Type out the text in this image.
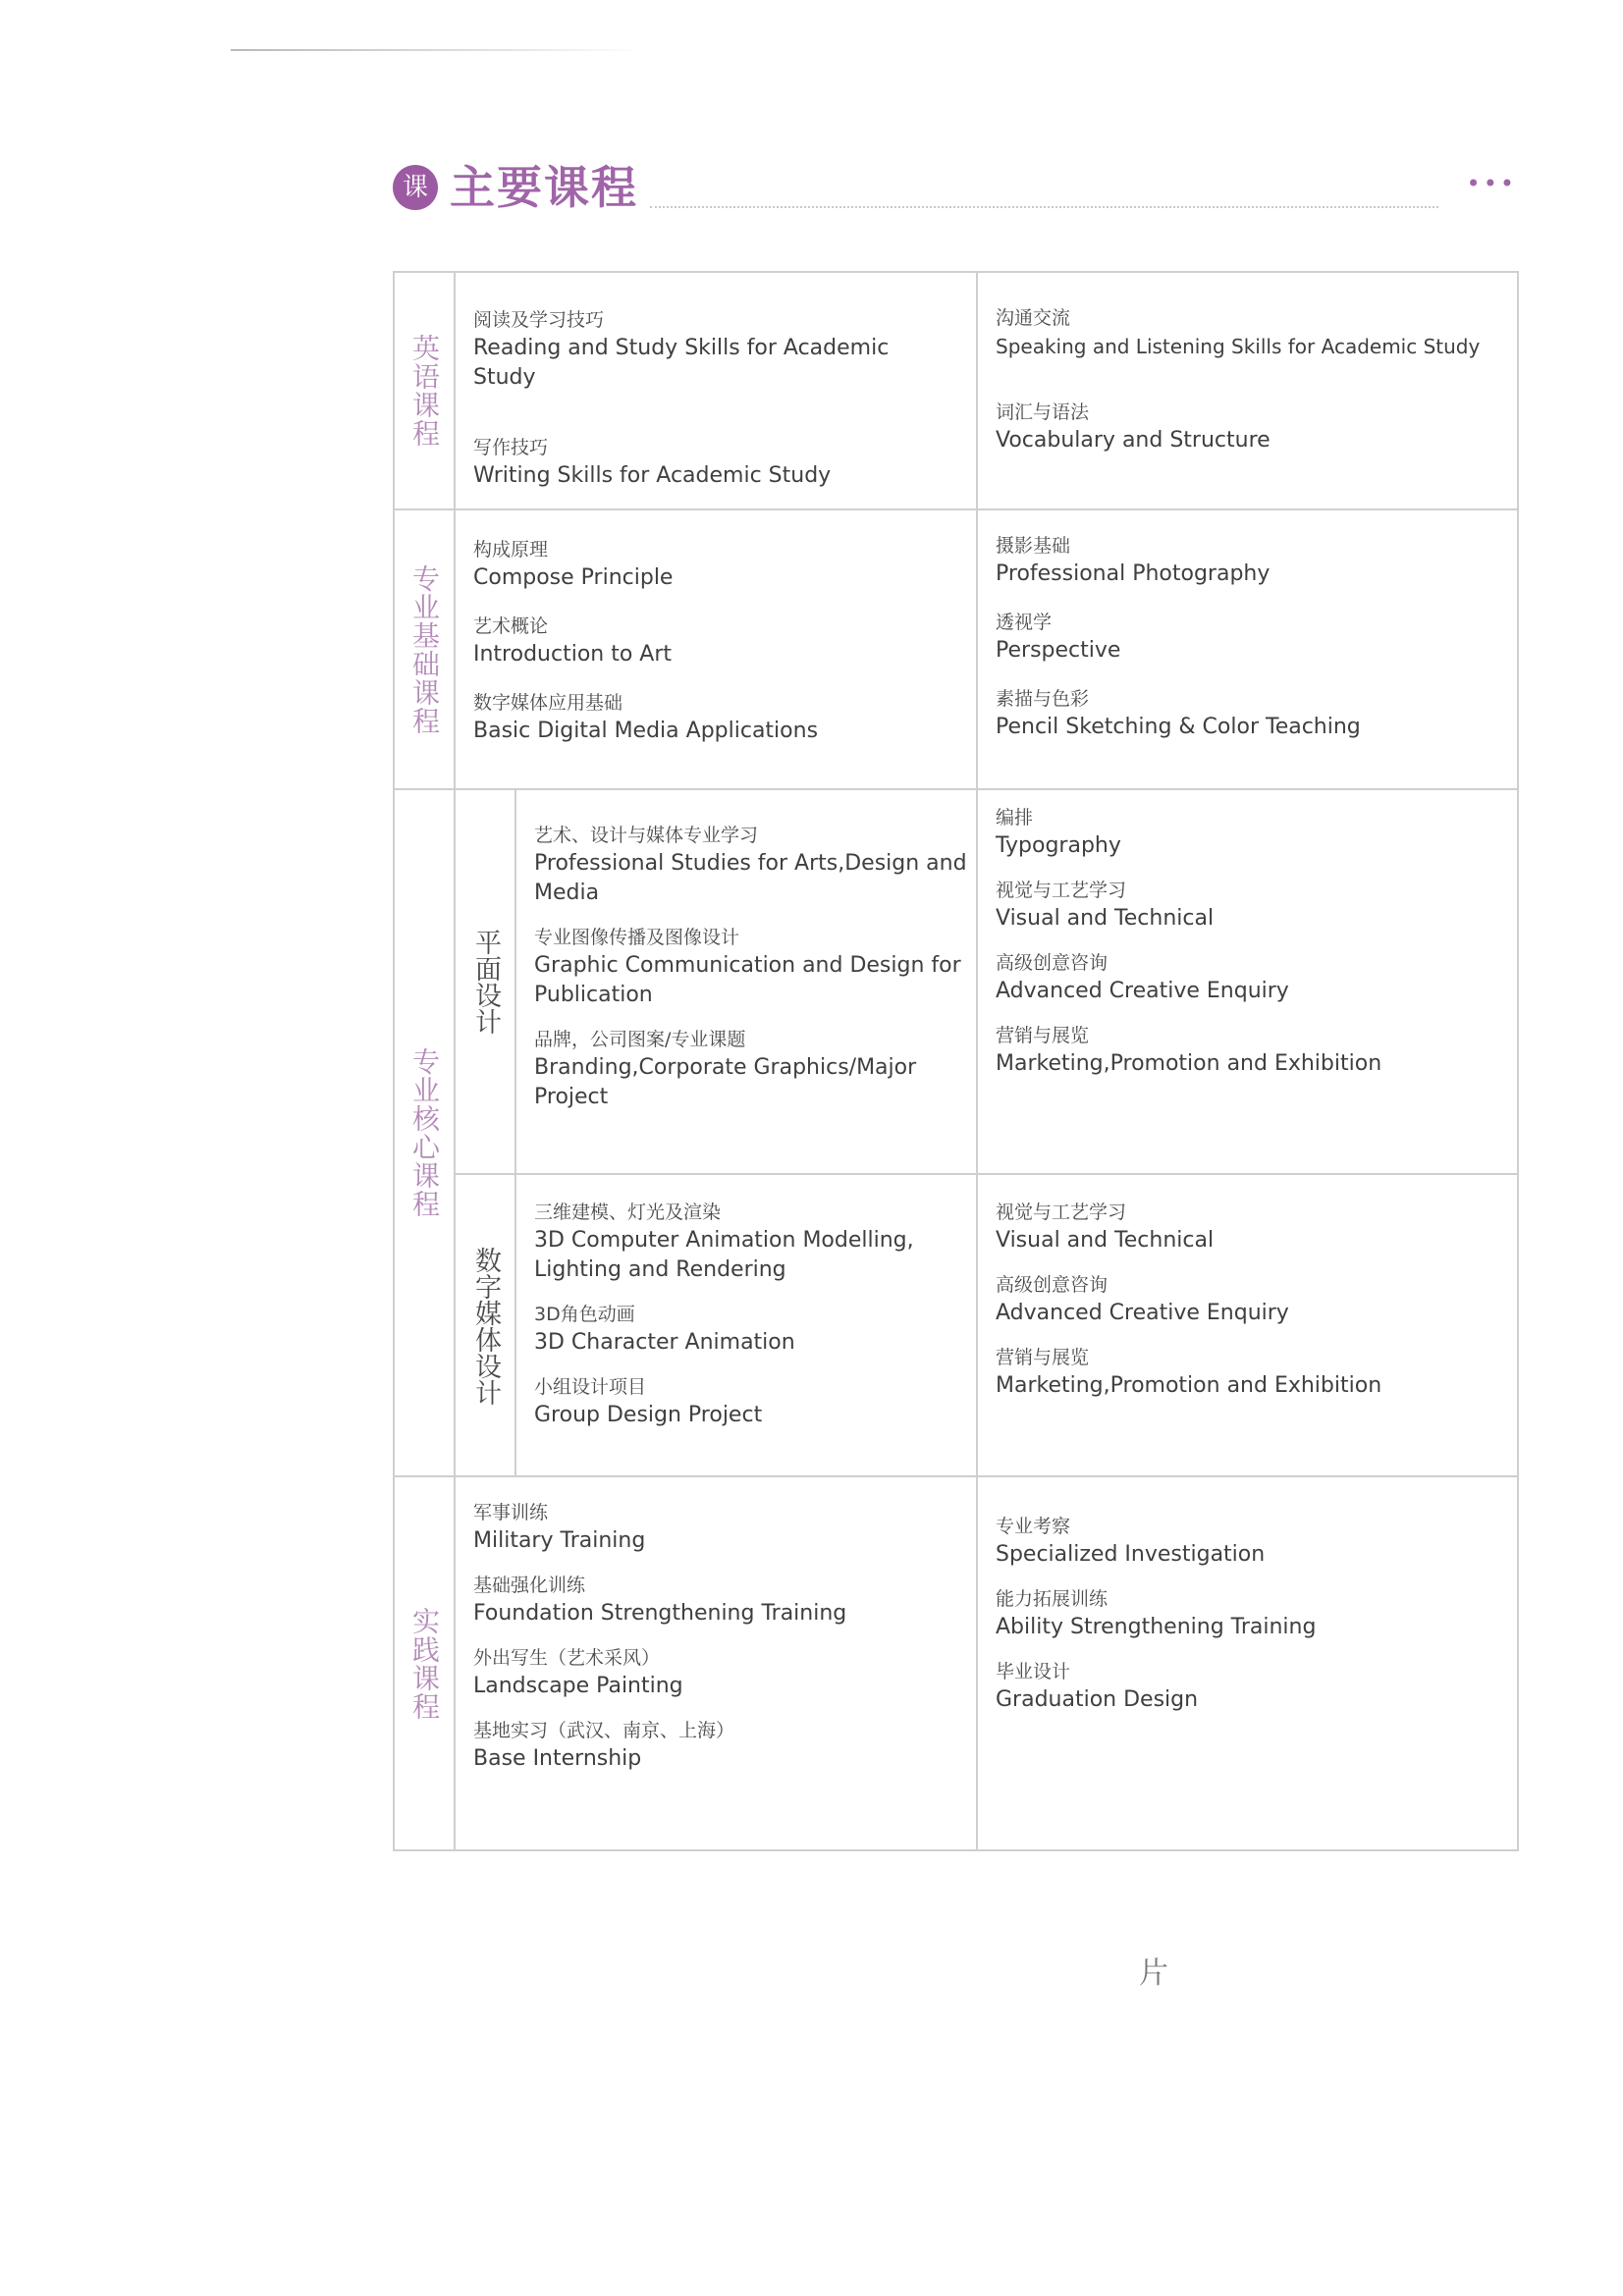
课 主要课程	•••
英语课程
阅读及学习技巧
Reading and Study Skills for Academic Study
写作技巧
Writing Skills for Academic Study
沟通交流
Speaking and Listening Skills for Academic Study
词汇与语法
Vocabulary and Structure
专业基础课程
构成原理
Compose Principle
艺术概论
Introduction to Art
数字媒体应用基础
Basic Digital Media Applications
摄影基础
Professional Photography
透视学
Perspective
素描与色彩
Pencil Sketching & Color Teaching
专业核心课程
平面设计
艺术、设计与媒体专业学习
Professional Studies for Arts,Design and Media
专业图像传播及图像设计
Graphic Communication and Design for Publication
品牌，公司图案/专业课题
Branding,Corporate Graphics/Major Project
编排
Typography
视觉与工艺学习
Visual and Technical
高级创意咨询
Advanced Creative Enquiry
营销与展览
Marketing,Promotion and Exhibition
数字媒体设计
三维建模、灯光及渲染
3D Computer Animation Modelling, Lighting and Rendering
3D角色动画
3D Character Animation
小组设计项目
Group Design Project
视觉与工艺学习
Visual and Technical
高级创意咨询
Advanced Creative Enquiry
营销与展览
Marketing,Promotion and Exhibition
实践课程
军事训练
Military Training
基础强化训练
Foundation Strengthening Training
外出写生（艺术采风）
Landscape Painting
基地实习（武汉、南京、上海）
Base Internship
专业考察
Specialized Investigation
能力拓展训练
Ability Strengthening Training
毕业设计
Graduation Design
片
